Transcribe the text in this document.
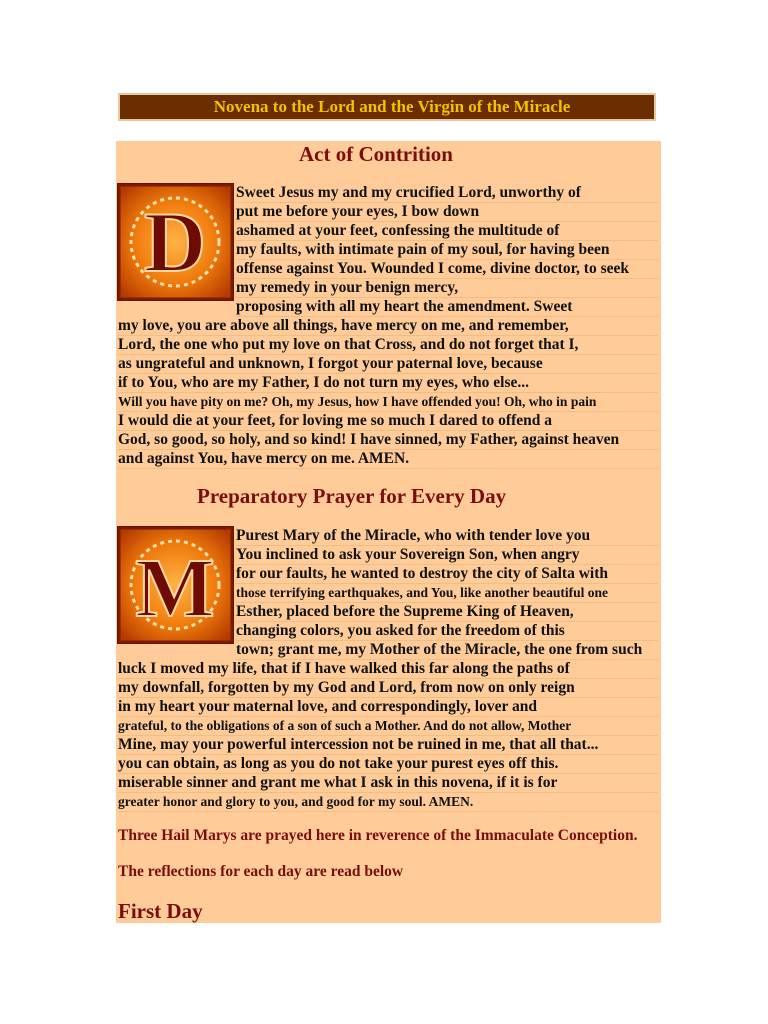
Novena to the Lord and the Virgin of the Miracle
Act of Contrition
D
Sweet Jesus my and my crucified Lord, unworthy of
put me before your eyes, I bow down
ashamed at your feet, confessing the multitude of
my faults, with intimate pain of my soul, for having been
offense against You. Wounded I come, divine doctor, to seek
my remedy in your benign mercy,
proposing with all my heart the amendment. Sweet
my love, you are above all things, have mercy on me, and remember,
Lord, the one who put my love on that Cross, and do not forget that I,
as ungrateful and unknown, I forgot your paternal love, because
if to You, who are my Father, I do not turn my eyes, who else...
Will you have pity on me? Oh, my Jesus, how I have offended you! Oh, who in pain
I would die at your feet, for loving me so much I dared to offend a
God, so good, so holy, and so kind! I have sinned, my Father, against heaven
and against You, have mercy on me. AMEN.
Preparatory Prayer for Every Day
M
Purest Mary of the Miracle, who with tender love you
You inclined to ask your Sovereign Son, when angry
for our faults, he wanted to destroy the city of Salta with
those terrifying earthquakes, and You, like another beautiful one
Esther, placed before the Supreme King of Heaven,
changing colors, you asked for the freedom of this
town; grant me, my Mother of the Miracle, the one from such
luck I moved my life, that if I have walked this far along the paths of
my downfall, forgotten by my God and Lord, from now on only reign
in my heart your maternal love, and correspondingly, lover and
grateful, to the obligations of a son of such a Mother. And do not allow, Mother
Mine, may your powerful intercession not be ruined in me, that all that...
you can obtain, as long as you do not take your purest eyes off this.
miserable sinner and grant me what I ask in this novena, if it is for
greater honor and glory to you, and good for my soul. AMEN.
Three Hail Marys are prayed here in reverence of the Immaculate Conception.
The reflections for each day are read below
First Day
